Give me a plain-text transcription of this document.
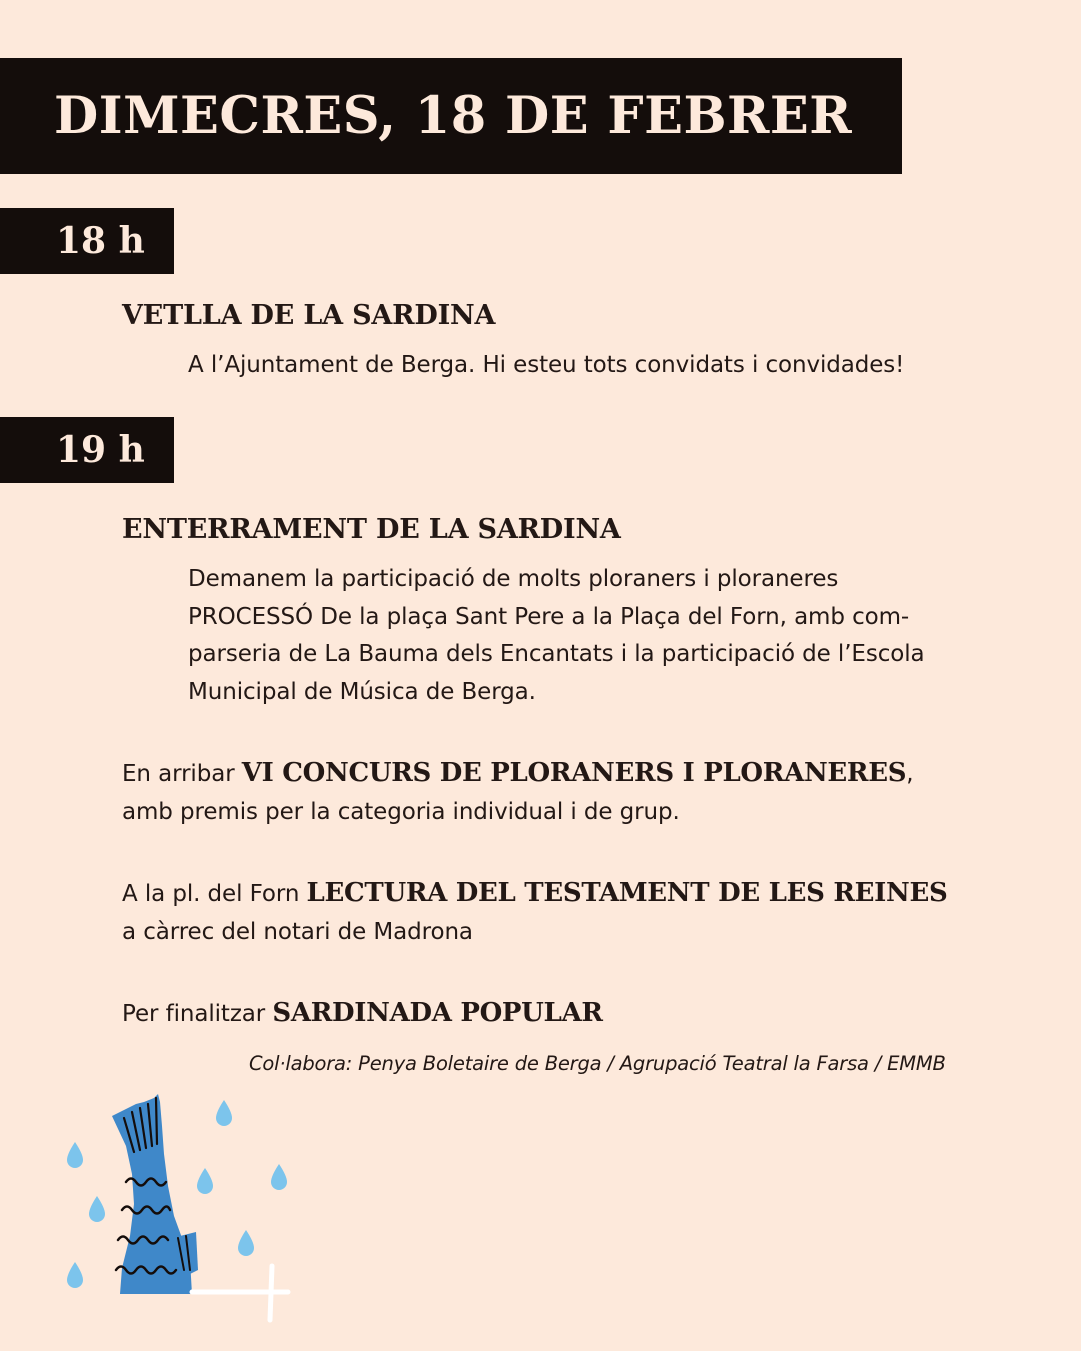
DIMECRES, 18 DE FEBRER
18 h
VETLLA DE LA SARDINA
A l’Ajuntament de Berga. Hi esteu tots convidats i convidades!
19 h
ENTERRAMENT DE LA SARDINA
Demanem la participació de molts ploraners i ploraneres
PROCESSÓ De la plaça Sant Pere a la Plaça del Forn, amb com-
parseria de La Bauma dels Encantats i la participació de l’Escola
Municipal de Música de Berga.
En arribar VI CONCURS DE PLORANERS I PLORANERES,
amb premis per la categoria individual i de grup.
A la pl. del Forn LECTURA DEL TESTAMENT DE LES REINES
a càrrec del notari de Madrona
Per finalitzar SARDINADA POPULAR
Col·labora: Penya Boletaire de Berga / Agrupació Teatral la Farsa / EMMB
